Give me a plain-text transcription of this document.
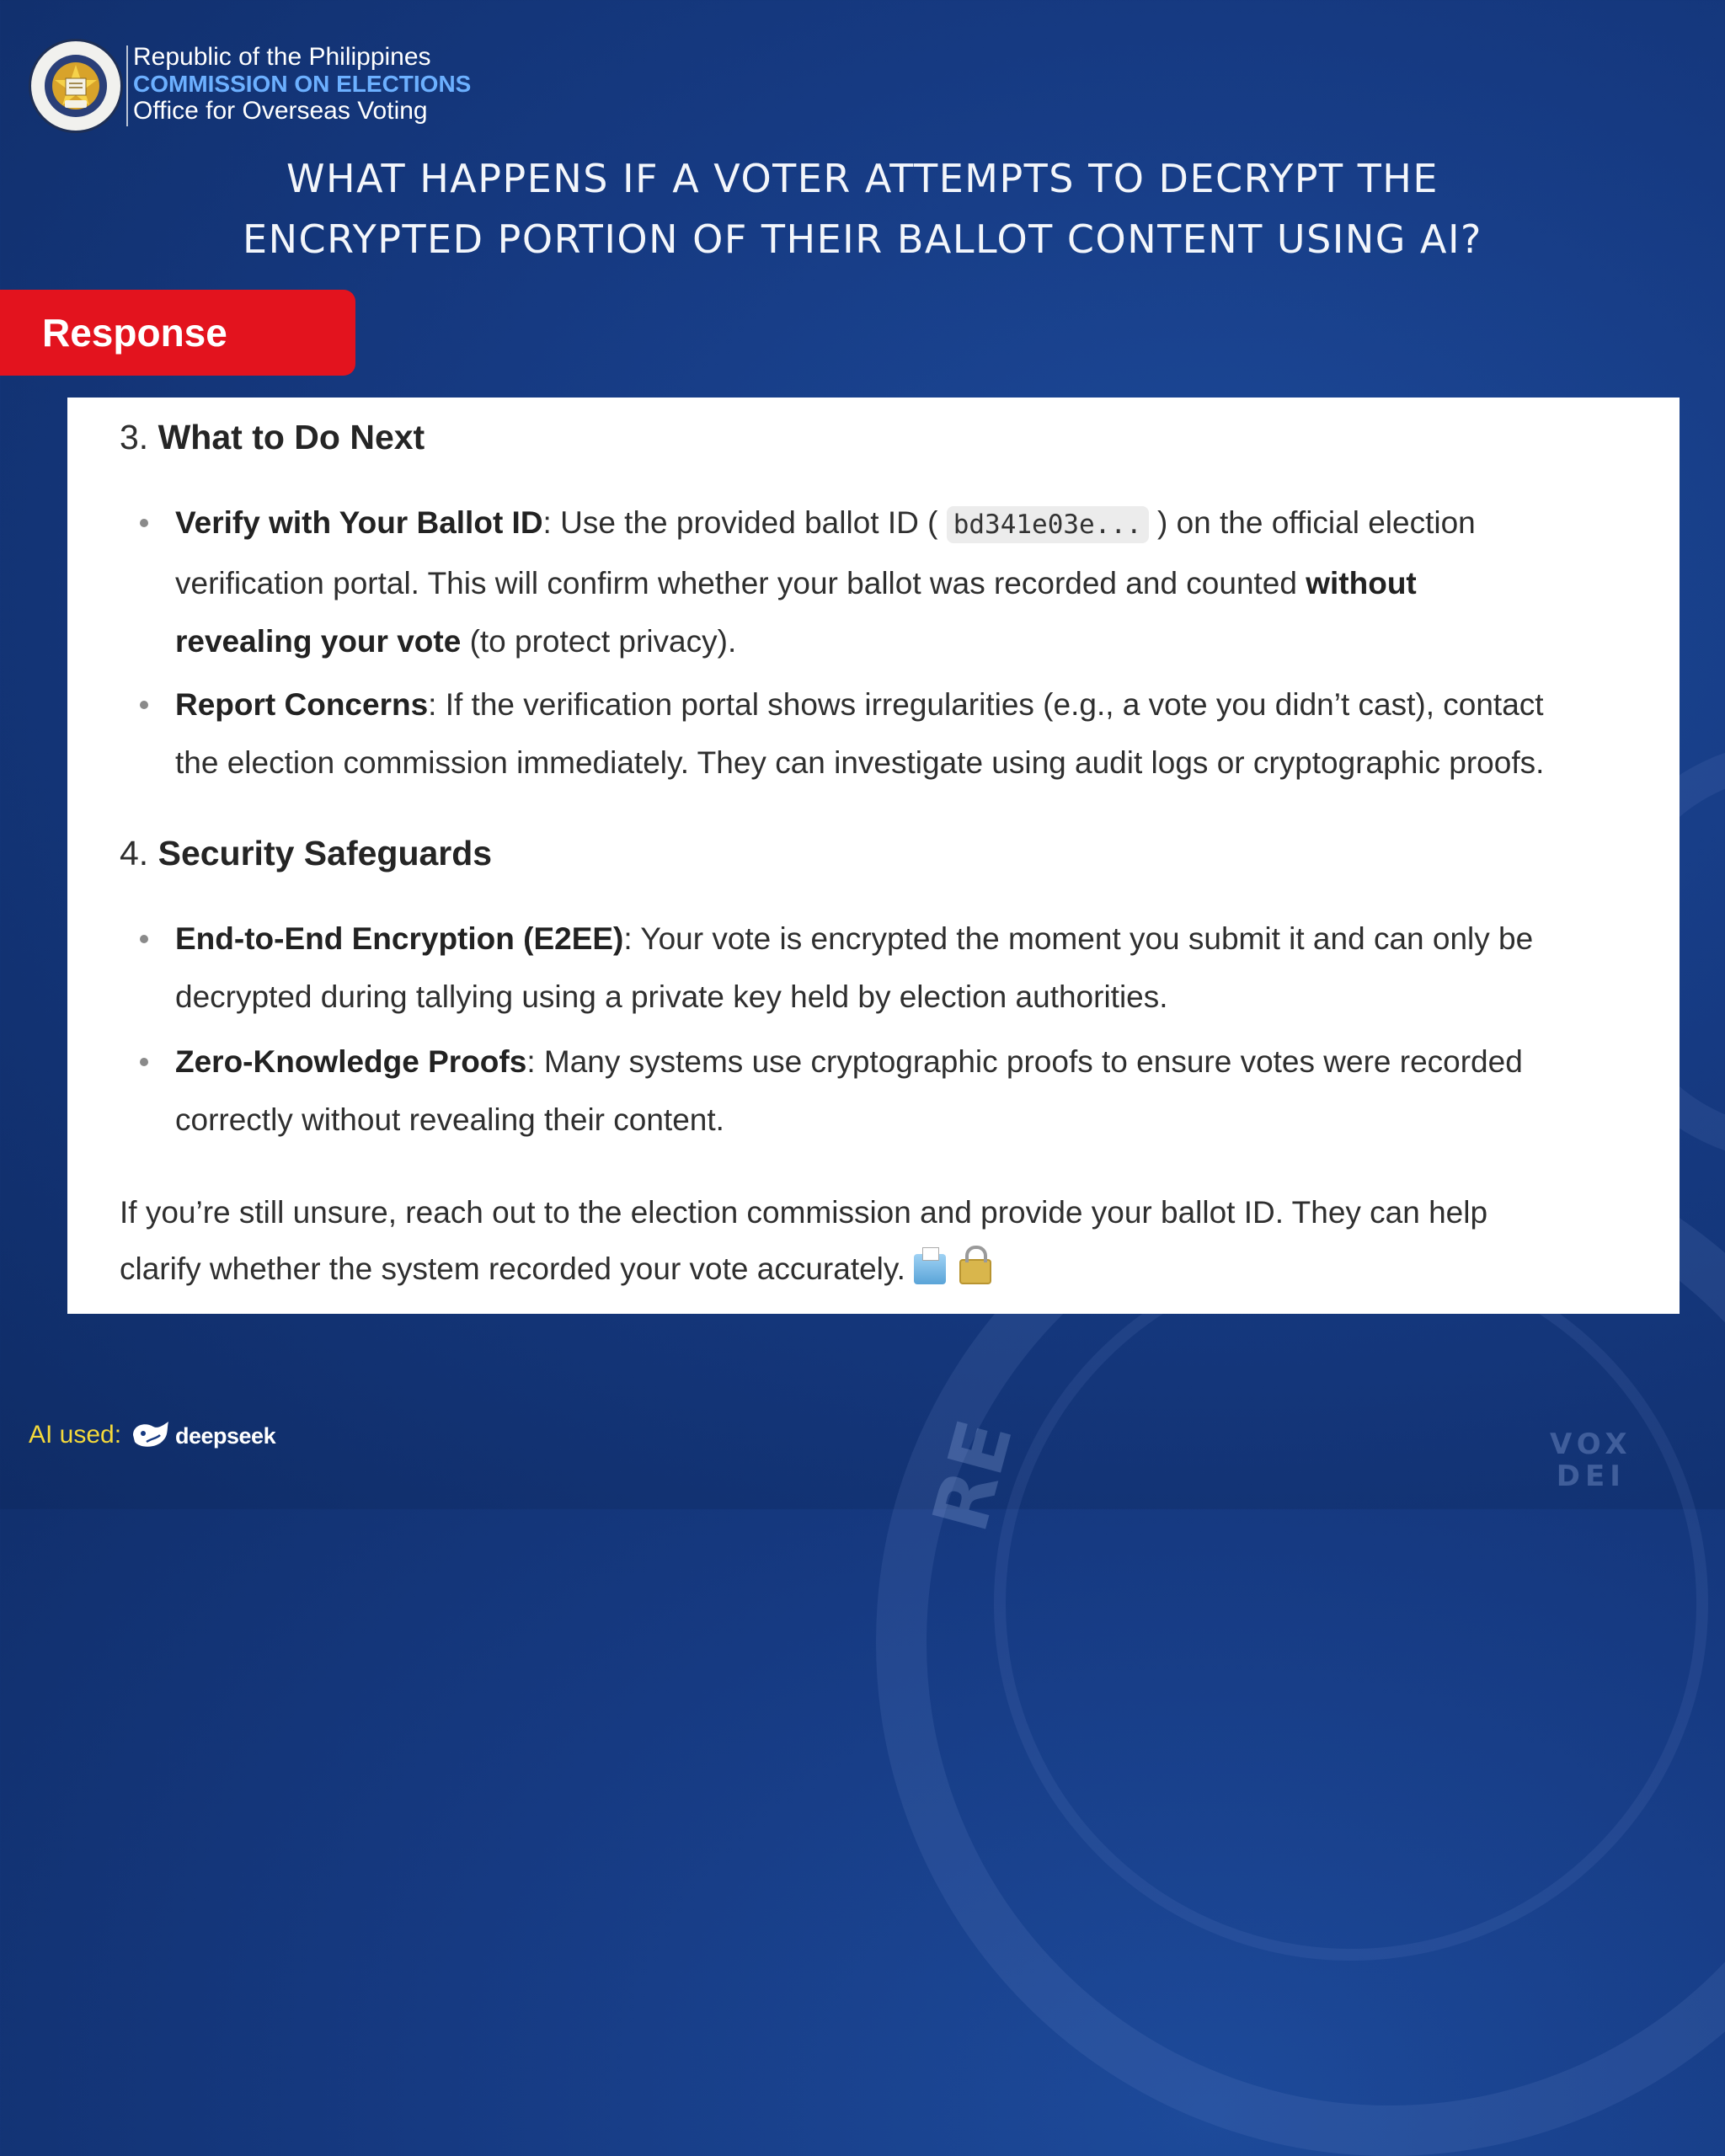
RE	VOX
DEI
Republic of the Philippines
COMMISSION ON ELECTIONS
Office for Overseas Voting
WHAT HAPPENS IF A VOTER ATTEMPTS TO DECRYPT THE
ENCRYPTED PORTION OF THEIR BALLOT CONTENT USING AI?
Response
3. What to Do Next
Verify with Your Ballot ID: Use the provided ballot ID ( bd341e03e... ) on the official election
verification portal. This will confirm whether your ballot was recorded and counted without
revealing your vote (to protect privacy).
Report Concerns: If the verification portal shows irregularities (e.g., a vote you didn’t cast), contact
the election commission immediately. They can investigate using audit logs or cryptographic proofs.
4. Security Safeguards
End-to-End Encryption (E2EE): Your vote is encrypted the moment you submit it and can only be
decrypted during tallying using a private key held by election authorities.
Zero-Knowledge Proofs: Many systems use cryptographic proofs to ensure votes were recorded
correctly without revealing their content.
If you’re still unsure, reach out to the election commission and provide your ballot ID. They can help
clarify whether the system recorded your vote accurately.
AI used: deepseek
